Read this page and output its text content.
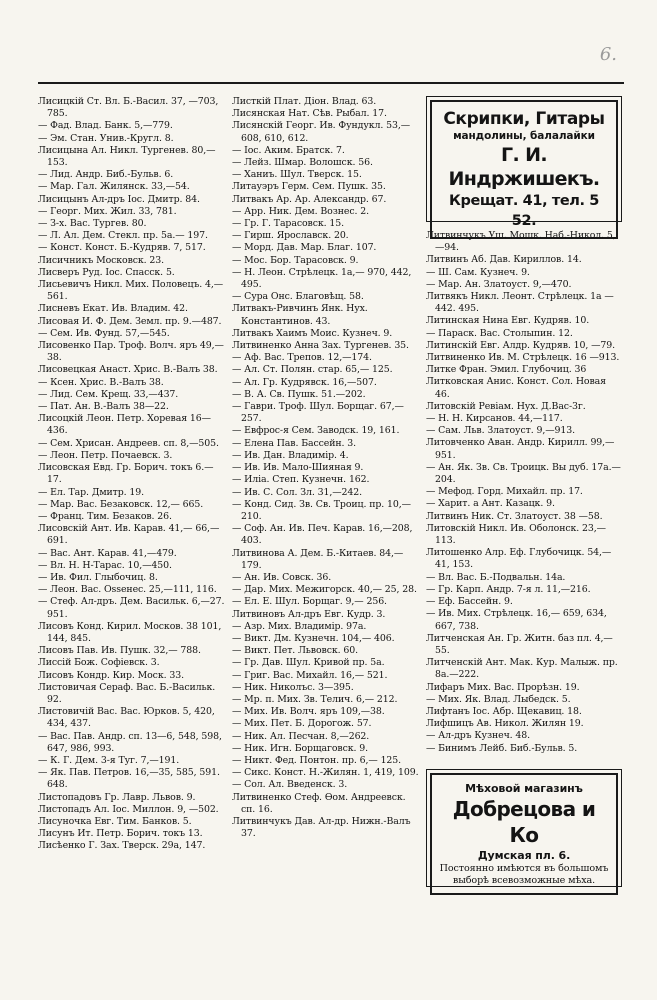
6.

Лисицкій Ст. Вл. Б.-Васил. 37, —703, 785.

— Фад. Влад. Банк. 5,—779.

— Эм. Стан. Унив.-Кругл. 8.

Лисицына Ал. Никл. Тургенев. 80,—153.

— Лид. Андр. Биб.-Бульв. 6.

— Мар. Гал. Жилянск. 33,—54.

Лисицынъ Ал-дръ Іос. Дмитр. 84.

— Георг. Мих. Жил. 33, 781.

— З-х. Вас. Тургев. 80.

— Л. Ал. Дем. Стекл. пр. 5а.— 197.

— Конст. Конст. Б.-Кудряв. 7, 517.

Лисичникъ Московск. 23.

Лисверъ Руд. Іос. Спасск. 5.

Лисьевичъ Никл. Мих. Половецъ. 4,—561.

Лисневъ Екат. Ив. Владим. 42.

Лисовая И. Ф. Дем. Земл. пр. 9.—487.

— Сем. Ив. Фунд. 57,—545.

Лисовенко Пар. Троф. Волч. яръ 49,—38.

Лисовецкая Анаст. Хрис. В.-Валъ 38.

— Ксен. Хрис. В.-Валъ 38.

— Лид. Сем. Крещ. 33,—437.

— Пат. Ан. В.-Валъ 38—22.

Лисоцкій Леон. Петр. Хоревая 16—436.

— Сем. Хрисан. Андреев. сп. 8,—505.

— Леон. Петр. Почаевск. 3.

Лисовская Евд. Гр. Борич. токъ 6.—17.

— Ел. Тар. Дмитр. 19.

— Мар. Вас. Безаковск. 12,— 665.

— Франц. Тим. Безаков. 26.

Лисовскій Ант. Ив. Карав. 41,— 66,—691.

— Вас. Ант. Карав. 41,—479.

— Вл. Н. Н-Тарас. 10,—450.

— Ив. Фил. Глыбочиц. 8.

— Леон. Вас. Ossенес. 25,—111, 116.

— Стеф. Ал-дръ. Дем. Васильк. 6,—27. 951.

Лисовъ Конд. Кирил. Москов. 38 101, 144, 845.

Лисовъ Пав. Ив. Пушк. 32,— 788.

Лиссій Бож. Софіевск. 3.

Лисовъ Кондр. Кир. Моск. 33.

Листовичая Сераф. Вас. Б.-Васильк. 92.

Листовичій Вас. Вас. Юрков. 5, 420, 434, 437.

— Вас. Пав. Андр. сп. 13—6, 548, 598, 647, 986, 993.

— К. Г. Дем. 3-я Туг. 7,—191.

— Як. Пав. Петров. 16,—35, 585, 591. 648.

Листопадовъ Гр. Лавр. Львов. 9.

Листопадъ Ал. Іос. Миллон. 9, —502.

Лисуночка Евг. Тим. Банков. 5.

Лисунъ Ит. Петр. Борич. токъ 13.

Лисѣенко Г. Зах. Тверск. 29а, 147.

Листкій Плат. Діон. Влад. 63.

Лисянская Нат. Сѣв. Рыбал. 17.

Лисянскій Георг. Ив. Фундукл. 53,—608, 610, 612.

— Іос. Аким. Братск. 7.

— Лейз. Шмар. Волошск. 56.

— Ханиъ. Шул. Тверск. 15.

Литауэръ Герм. Сем. Пушк. 35.

Литвакъ Ар. Ар. Александр. 67.

— Арр. Ник. Дем. Вознес. 2.

— Гр. Г. Тарасовск. 15.

— Гирш. Ярославск. 20.

— Морд. Дав. Мар. Благ. 107.

— Мос. Бор. Тарасовск. 9.

— Н. Леон. Стрѣлецк. 1а,— 970, 442, 495.

— Сура Онс. Благовѣщ. 58.

Литвакъ-Ривчинъ Янк. Нух. Константинов. 43.

Литвакъ Хаимъ Моис. Кузнеч. 9.

Литвиненко Анна Зах. Тургенев. 35.

— Аф. Вас. Трепов. 12,—174.

— Ал. Ст. Полян. стар. 65,— 125.

— Ал. Гр. Кудрявск. 16,—507.

— В. А. Св. Пушк. 51.—202.

— Гаври. Троф. Шул. Борщаг. 67,—257.

— Евфрос-я Сем. Заводск. 19, 161.

— Елена Пав. Бассейн. 3.

— Ив. Дан. Владимір. 4.

— Ив. Ив. Мало-Шияная 9.

— Иліа. Степ. Кузнечн. 162.

— Ив. С. Сол. Зл. 31,—242.

— Конд. Сид. Зв. Св. Троиц. пр. 10,—210.

— Соф. Ан. Ив. Печ. Карав. 16,—208, 403.

Литвинова А. Дем. Б.-Китаев. 84,—179.

— Ан. Ив. Совск. 36.

— Дар. Мих. Межигорск. 40,— 25, 28.

— Ел. Е. Шул. Борщаг. 9,— 256.

Литвиновъ Ал-дръ Евг. Кудр. 3.

— Азр. Мих. Владимір. 97а.

— Викт. Дм. Кузнечн. 104,— 406.

— Викт. Пет. Львовск. 60.

— Гр. Дав. Шул. Кривой пр. 5а.

— Григ. Вас. Михайл. 16,— 521.

— Ник. Николъс. 3—395.

— Мр. п. Мих. Зв. Телич. 6,— 212.

— Мих. Ив. Волч. яръ 109,—38.

— Мих. Пет. Б. Дорогож. 57.

— Ник. Ал. Песчан. 8,—262.

— Ник. Игн. Борщаговск. 9.

— Никт. Фед. Понтон. пр. 6,— 125.

— Сикс. Конст. Н.-Жилян. 1, 419, 109.

— Сол. Ал. Введенск. 3.

Литвиненко Стеф. Ѳом. Андреевск. сп. 16.

Литвинчукъ Дав. Ал-др. Нижн.-Валъ 37.

Скрипки, Гитары
мандолины, балалайки
Г. И. Индржишекъ.
Крещат. 41, тел. 5 52.

Литвинчукъ Уш. Мошк. Наб.-Никол. 5,—94.

Литвинъ Аб. Дав. Кириллов. 14.

— Ш. Сам. Кузнеч. 9.

— Мар. Ан. Златоуст. 9,—470.

Литвякъ Никл. Леонт. Стрѣлецк. 1а —442. 495.

Литинская Нина Евг. Кудряв. 10.

— Параск. Вас. Столыпин. 12.

Литинскій Евг. Алдр. Кудряв. 10, —79.

Литвиненко Ив. М. Стрѣлецк. 16 —913.

Литке Фран. Эмил. Глубочиц. 36

Литковская Анис. Конст. Сол. Новая 46.

Литовскій Ревіам. Нух. Д.Вас-3г.

— Н. Н. Кирсанов. 44,—117.

— Сам. Льв. Златоуст. 9,—913.

Литовченко Аван. Андр. Кирилл. 99,—951.

— Ан. Як. Зв. Св. Троицк. Вы дуб. 17а.—204.

— Мефод. Горд. Михайл. пр. 17.

— Харит. а Ант. Казацк. 9.

Литвинъ Ник. Ст. Златоуст. 38 —58.

Литовскій Никл. Ив. Оболонск. 23,—113.

Литошенко Алр. Еф. Глубочицк. 54,—41, 153.

— Вл. Вас. Б.-Подвальн. 14а.

— Гр. Карп. Андр. 7-я л. 11,—216.

— Еф. Бассейн. 9.

— Ив. Мих. Стрѣлецк. 16,— 659, 634, 667, 738.

Литченская Ан. Гр. Житн. баз пл. 4,—55.

Литченскій Ант. Мак. Кур. Малыж. пр. 8а.—222.

Лифаръ Мих. Вас. Прорѣзн. 19.

— Мих. Як. Влад. Лыбедск. 5.

Лифтанъ Іос. Абр. Щекавиц. 18.

Лифшицъ Ав. Никол. Жилян 19.

— Ал-дръ Кузнеч. 48.

— Бинимъ Лейб. Биб.-Бульв. 5.

Мѣховой магазинъ
Добрецова и Ко
Думская пл. 6.
Постоянно имѣются въ большомъ выборѣ всевозможные мѣха.
